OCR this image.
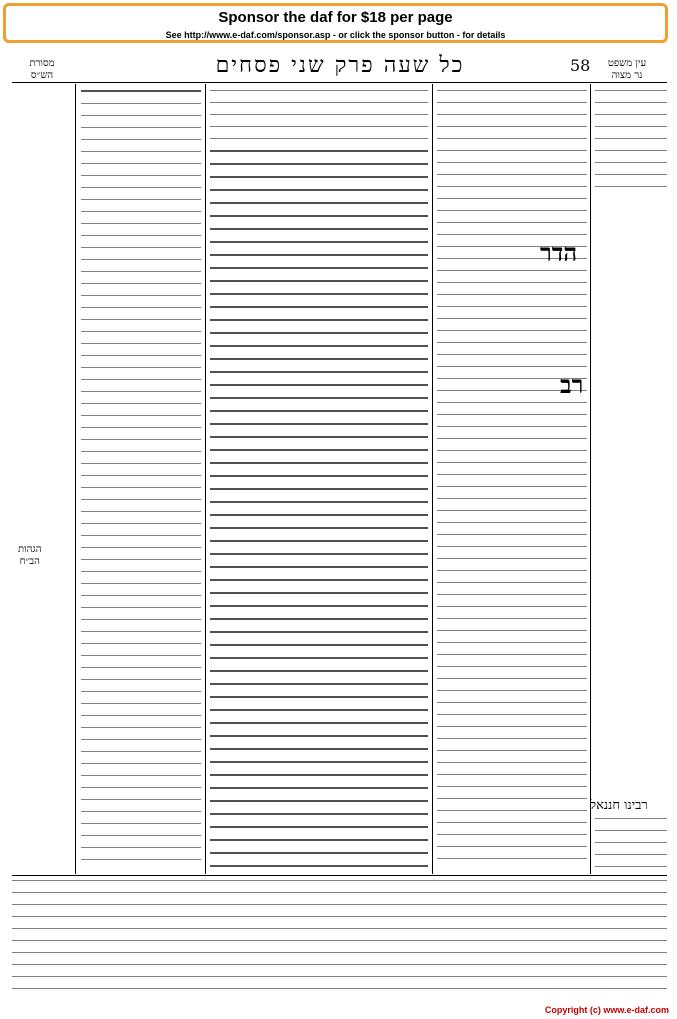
Sponsor the daf for $18 per page
See http://www.e-daf.com/sponsor.asp - or click the sponsor button - for details
58
כל שעה פרק שני פסחים	עין משפט
נר מצוה
מסורת
הש״ס
הדר
רב
הגהות
הב״ח
רבינו חננאל
Copyright (c) www.e-daf.com
